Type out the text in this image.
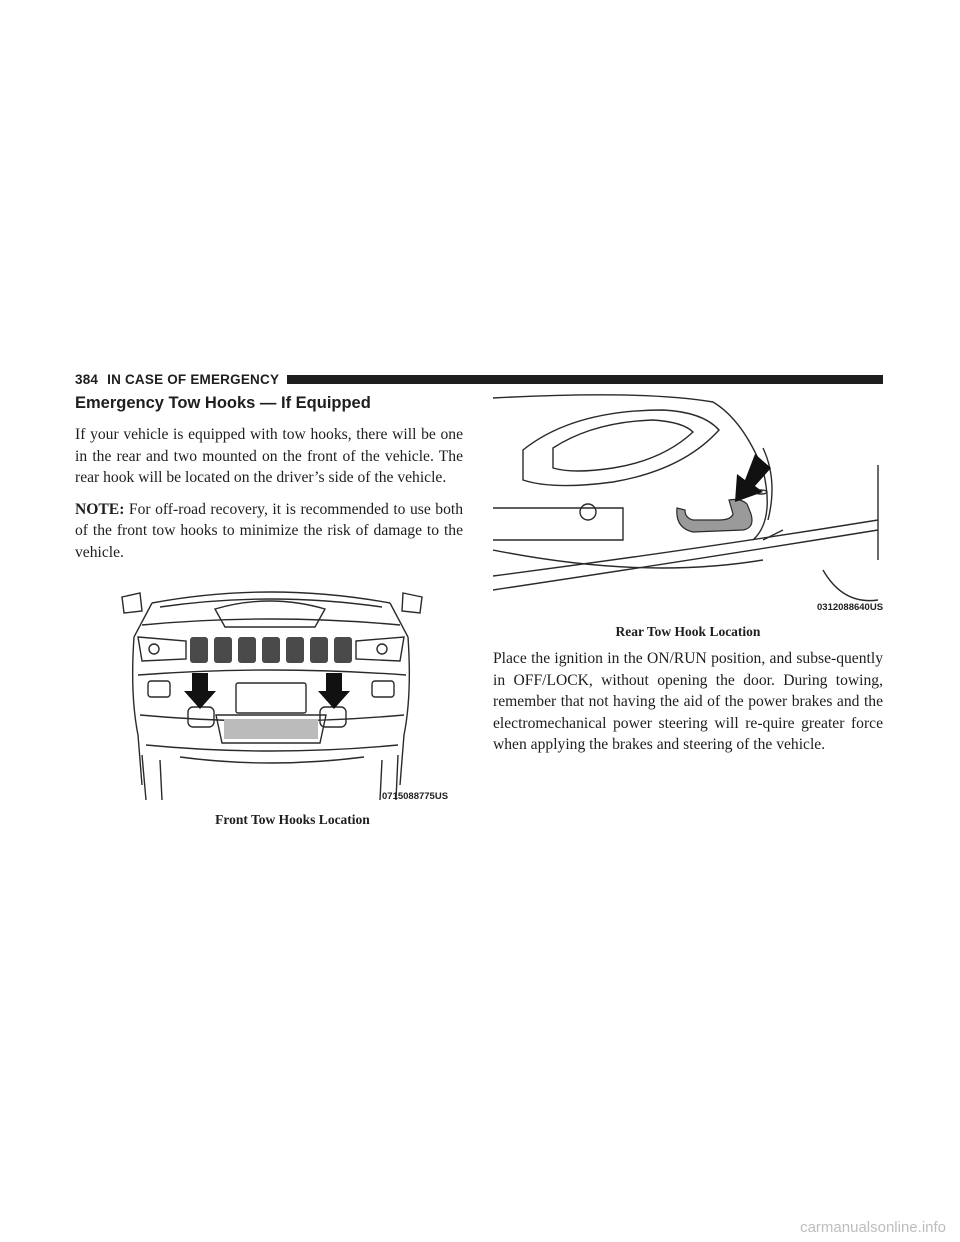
384 IN CASE OF EMERGENCY
Emergency Tow Hooks — If Equipped

If your vehicle is equipped with tow hooks, there will be one in the rear and two mounted on the front of the vehicle. The rear hook will be located on the driver’s side of the vehicle.

NOTE: For off-road recovery, it is recommended to use both of the front tow hooks to minimize the risk of damage to the vehicle.

0715088775US
Front Tow Hooks Location
0312088640US
Rear Tow Hook Location

Place the ignition in the ON/RUN position, and subse-quently in OFF/LOCK, without opening the door. During towing, remember that not having the aid of the power brakes and the electromechanical power steering will re-quire greater force when applying the brakes and steering of the vehicle.

carmanualsonline.info
